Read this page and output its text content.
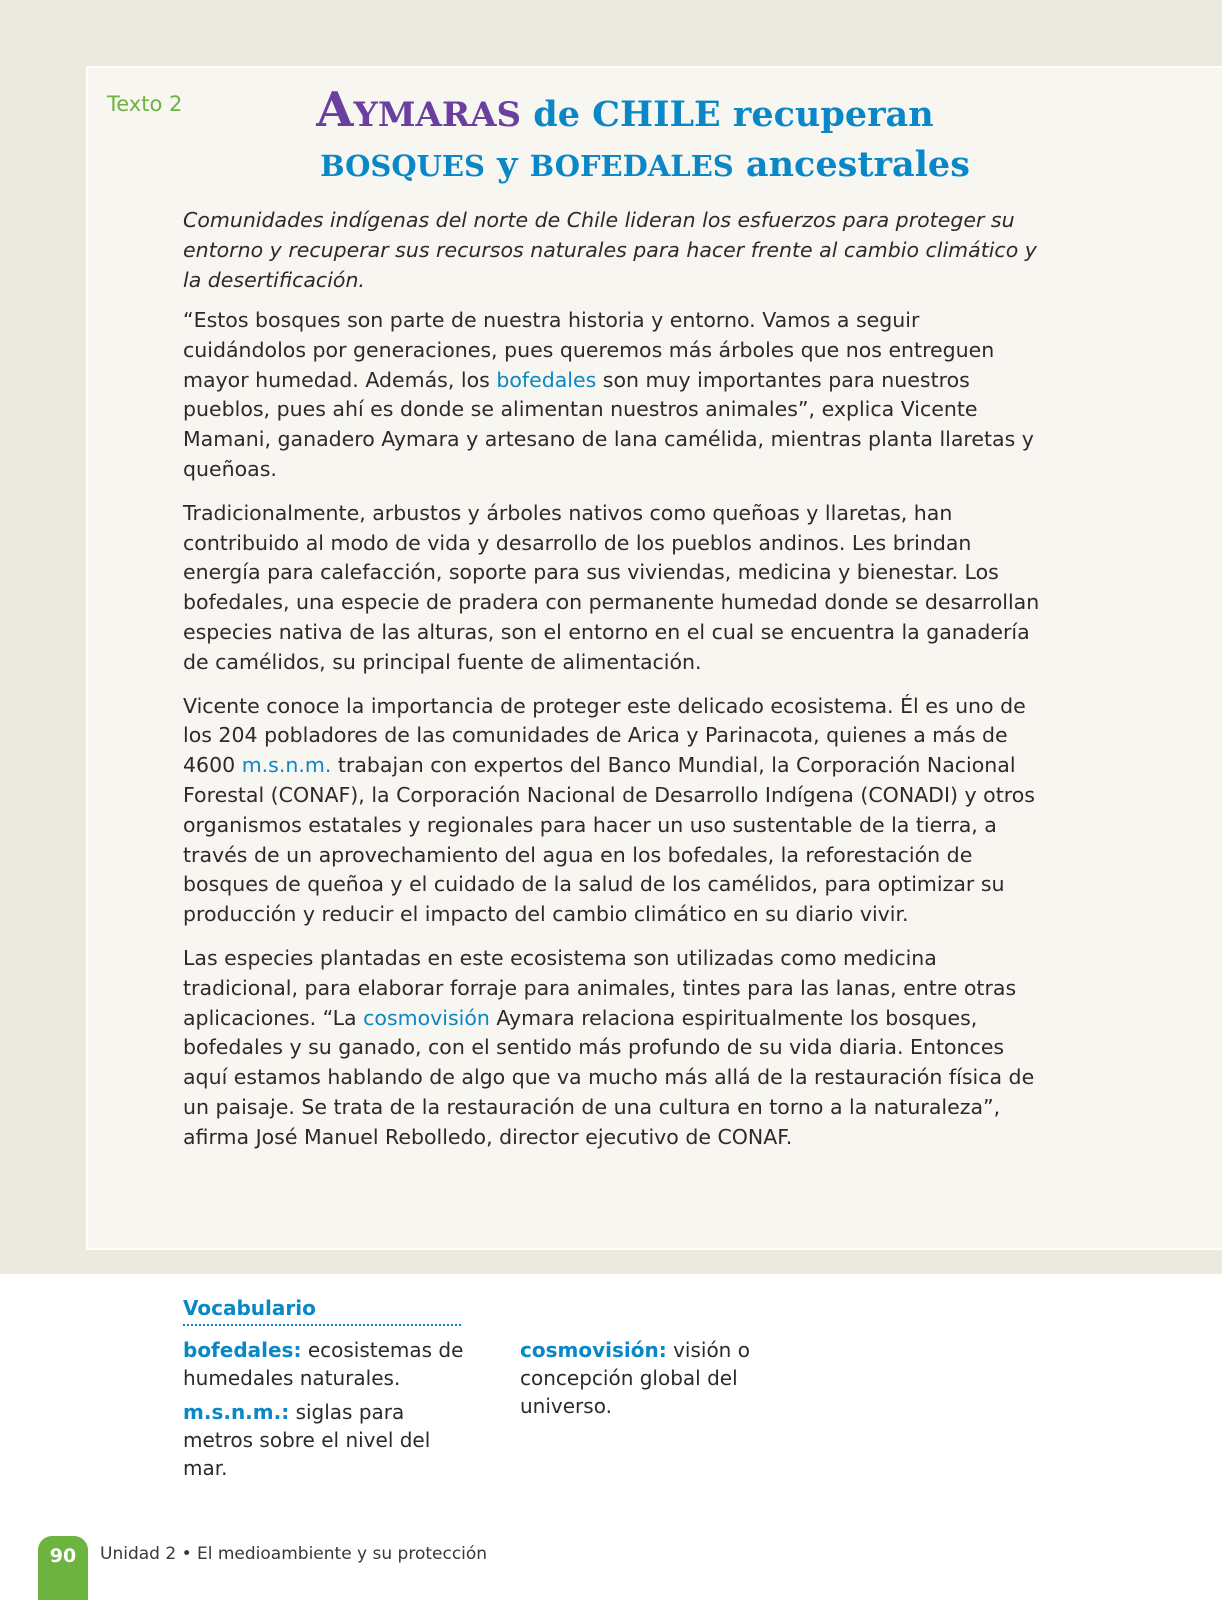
Texto 2	AYMARAS de CHILE recuperan
BOSQUES y BOFEDALES ancestrales

Comunidades indígenas del norte de Chile lideran los esfuerzos para proteger su entorno y recuperar sus recursos naturales para hacer frente al cambio climático y la desertificación.

“Estos bosques son parte de nuestra historia y entorno. Vamos a seguir cuidándolos por generaciones, pues queremos más árboles que nos entreguen mayor humedad. Además, los bofedales son muy importantes para nuestros pueblos, pues ahí es donde se alimentan nuestros animales”, explica Vicente Mamani, ganadero Aymara y artesano de lana camélida, mientras planta llaretas y queñoas.

Tradicionalmente, arbustos y árboles nativos como queñoas y llaretas, han contribuido al modo de vida y desarrollo de los pueblos andinos. Les brindan energía para calefacción, soporte para sus viviendas, medicina y bienestar. Los bofedales, una especie de pradera con permanente humedad donde se desarrollan especies nativa de las alturas, son el entorno en el cual se encuentra la ganadería de camélidos, su principal fuente de alimentación.

Vicente conoce la importancia de proteger este delicado ecosistema. Él es uno de los 204 pobladores de las comunidades de Arica y Parinacota, quienes a más de 4600 m.s.n.m. trabajan con expertos del Banco Mundial, la Corporación Nacional Forestal (CONAF), la Corporación Nacional de Desarrollo Indígena (CONADI) y otros organismos estatales y regionales para hacer un uso sustentable de la tierra, a través de un aprovechamiento del agua en los bofedales, la reforestación de bosques de queñoa y el cuidado de la salud de los camélidos, para optimizar su producción y reducir el impacto del cambio climático en su diario vivir.

Las especies plantadas en este ecosistema son utilizadas como medicina tradicional, para elaborar forraje para animales, tintes para las lanas, entre otras aplicaciones. “La cosmovisión Aymara relaciona espiritualmente los bosques, bofedales y su ganado, con el sentido más profundo de su vida diaria. Entonces aquí estamos hablando de algo que va mucho más allá de la restauración física de un paisaje. Se trata de la restauración de una cultura en torno a la naturaleza”, afirma José Manuel Rebolledo, director ejecutivo de CONAF.

Vocabulario

bofedales: ecosistemas de humedales naturales.

m.s.n.m.: siglas para metros sobre el nivel del mar.

cosmovisión: visión o concepción global del universo.

90	Unidad 2 • El medioambiente y su protección
